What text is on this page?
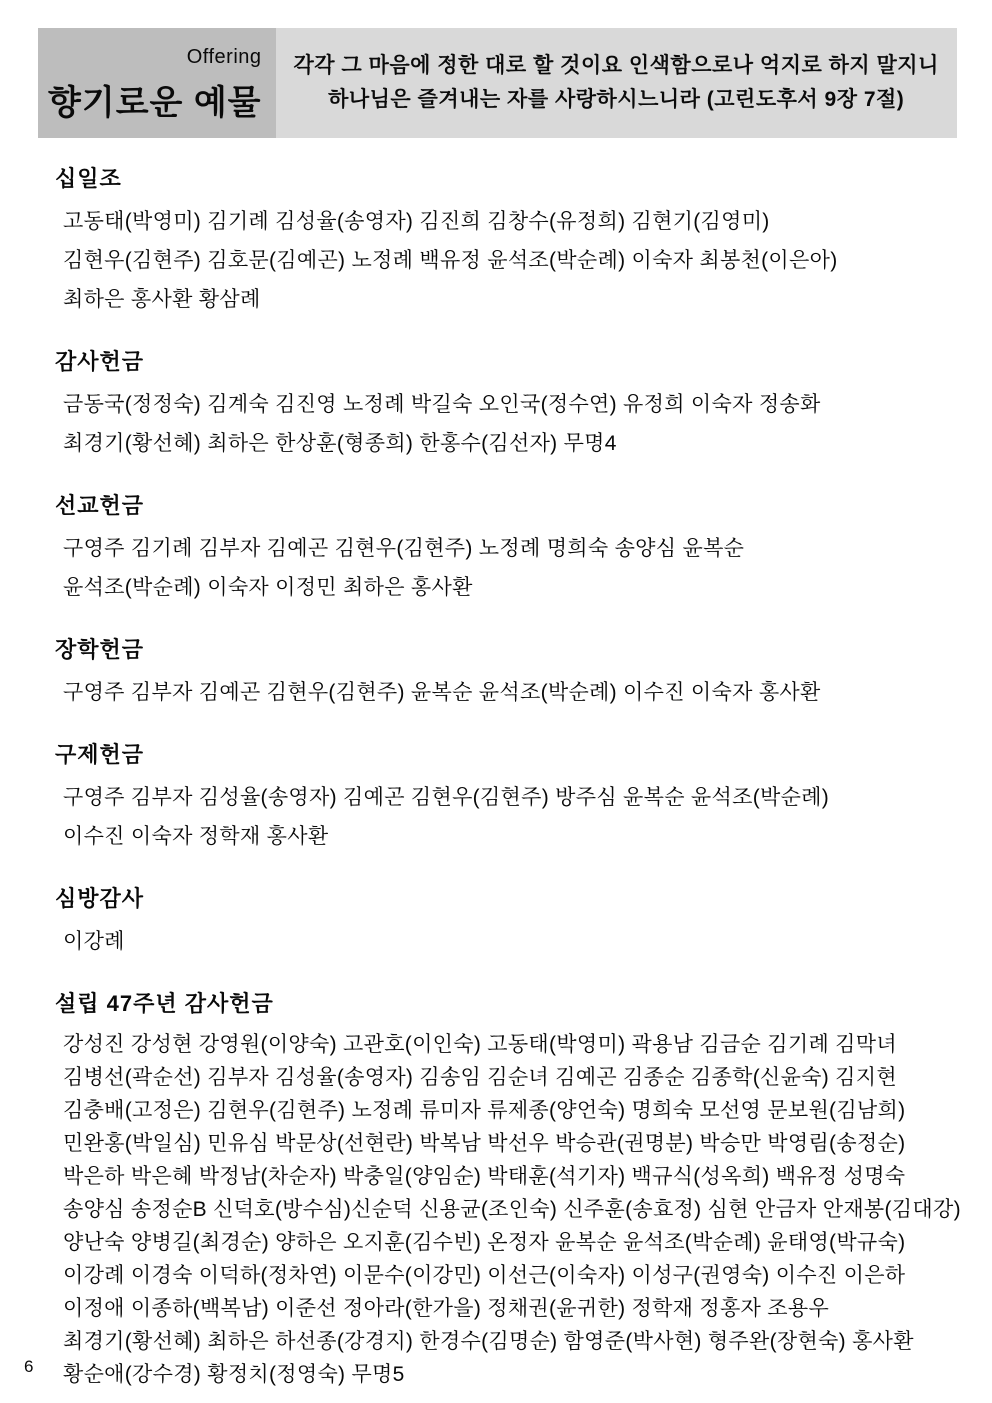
Offering
향기로운 예물
각각 그 마음에 정한 대로 할 것이요 인색함으로나 억지로 하지 말지니
하나님은 즐겨내는 자를 사랑하시느니라 (고린도후서 9장 7절)
십일조

고동태(박영미) 김기례 김성율(송영자) 김진희 김창수(유정희) 김현기(김영미)

김현우(김현주) 김호문(김예곤) 노정례 백유정 윤석조(박순례) 이숙자 최봉천(이은아)

최하은 홍사환 황삼례

감사헌금

금동국(정정숙) 김계숙 김진영 노정례 박길숙 오인국(정수연) 유정희 이숙자 정송화

최경기(황선혜) 최하은 한상훈(형종희) 한홍수(김선자) 무명4

선교헌금

구영주 김기례 김부자 김예곤 김현우(김현주) 노정례 명희숙 송양심 윤복순

윤석조(박순례) 이숙자 이정민 최하은 홍사환

장학헌금

구영주 김부자 김예곤 김현우(김현주) 윤복순 윤석조(박순례) 이수진 이숙자 홍사환

구제헌금

구영주 김부자 김성율(송영자) 김예곤 김현우(김현주) 방주심 윤복순 윤석조(박순례)

이수진 이숙자 정학재 홍사환

심방감사

이강례

설립 47주년 감사헌금

강성진 강성현 강영원(이양숙) 고관호(이인숙) 고동태(박영미) 곽용남 김금순 김기례 김막녀

김병선(곽순선) 김부자 김성율(송영자) 김송임 김순녀 김예곤 김종순 김종학(신윤숙) 김지현

김충배(고정은) 김현우(김현주) 노정례 류미자 류제종(양언숙) 명희숙 모선영 문보원(김남희)

민완홍(박일심) 민유심 박문상(선현란) 박복남 박선우 박승관(권명분) 박승만 박영림(송정순)

박은하 박은혜 박정남(차순자) 박충일(양임순) 박태훈(석기자) 백규식(성옥희) 백유정 성명숙

송양심 송정순B 신덕호(방수심)신순덕 신용균(조인숙) 신주훈(송효정) 심현 안금자 안재봉(김대강)

양난숙 양병길(최경순) 양하은 오지훈(김수빈) 온정자 윤복순 윤석조(박순례) 윤태영(박규숙)

이강례 이경숙 이덕하(정차연) 이문수(이강민) 이선근(이숙자) 이성구(권영숙) 이수진 이은하

이정애 이종하(백복남) 이준선 정아라(한가을) 정채권(윤귀한) 정학재 정홍자 조용우

최경기(황선혜) 최하은 하선종(강경지) 한경수(김명순) 함영준(박사현) 형주완(장현숙) 홍사환

황순애(강수경) 황정치(정영숙) 무명5

6
